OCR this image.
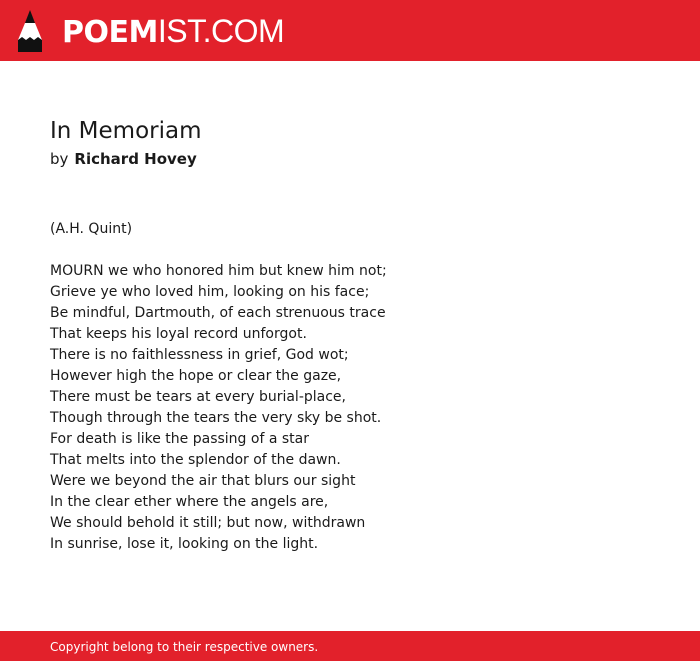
POEMIST.COM
In Memoriam
by Richard Hovey
(A.H. Quint)
MOURN we who honored him but knew him not;
Grieve ye who loved him, looking on his face;
Be mindful, Dartmouth, of each strenuous trace
That keeps his loyal record unforgot.
There is no faithlessness in grief, God wot;
However high the hope or clear the gaze,
There must be tears at every burial-place,
Though through the tears the very sky be shot.
For death is like the passing of a star
That melts into the splendor of the dawn.
Were we beyond the air that blurs our sight
In the clear ether where the angels are,
We should behold it still; but now, withdrawn
In sunrise, lose it, looking on the light.
Copyright belong to their respective owners.
